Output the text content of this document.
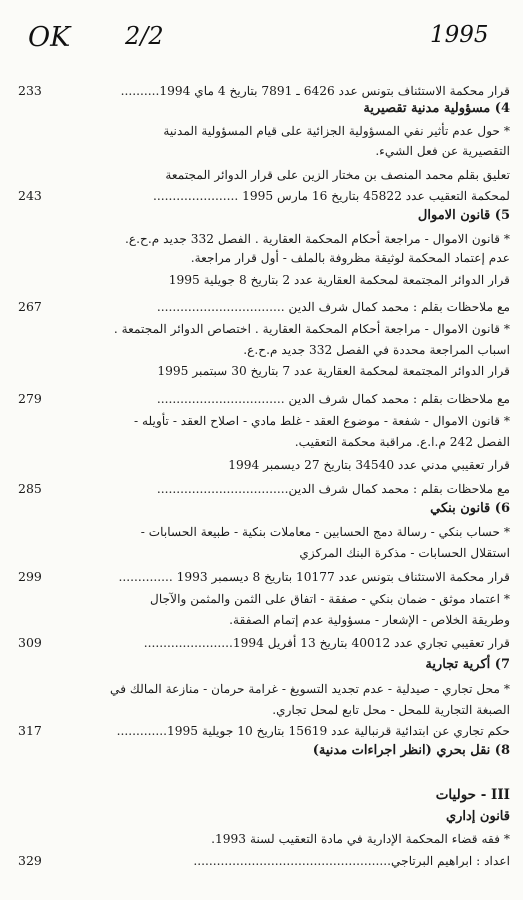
OK 2/2	1995
قرار محكمة الاستئناف بتونس عدد 6426 ـ 7891 بتاريخ 4 ماي 1994..........
233
4) مسؤولية مدنية تقصيرية
* حول عدم تأثير نفي المسؤولية الجزائية على قيام المسؤولية المدنية
التقصيرية عن فعل الشيء.
تعليق بقلم محمد المنصف بن مختار الزين على قرار الدوائر المجتمعة
لمحكمة التعقيب عدد 45822 بتاريخ 16 مارس 1995 ......................
243
5) قانون الاموال
* قانون الاموال - مراجعة أحكام المحكمة العقارية . الفصل 332 جديد م.ح.ع.
عدم إعتماد المحكمة لوثيقة مظروفة بالملف - أول قرار مراجعة.
قرار الدوائر المجتمعة لمحكمة العقارية عدد 2 بتاريخ 8 جويلية 1995
مع ملاحظات بقلم : محمد كمال شرف الدين .................................
267
* قانون الاموال - مراجعة أحكام المحكمة العقارية . اختصاص الدوائر المجتمعة .
اسباب المراجعة محددة في الفصل 332 جديد م.ح.ع.
قرار الدوائر المجتمعة لمحكمة العقارية عدد 7 بتاريخ 30 سبتمبر 1995
مع ملاحظات بقلم : محمد كمال شرف الدين .................................
279
* قانون الاموال - شفعة - موضوع العقد - غلط مادي - اصلاح العقد - تأويله -
الفصل 242 م.ا.ع. مراقبة محكمة التعقيب.
قرار تعقيبي مدني عدد 34540 بتاريخ 27 ديسمبر 1994
مع ملاحظات بقلم : محمد كمال شرف الدين..................................
285
6) قانون بنكي
* حساب بنكي - رسالة دمج الحسابين - معاملات بنكية - طبيعة الحسابات -
استقلال الحسابات - مذكرة البنك المركزي
قرار محكمة الاستئناف بتونس عدد 10177 بتاريخ 8 ديسمبر 1993 ..............
299
* اعتماد موثق - ضمان بنكي - صفقة - اتفاق على الثمن والمثمن والآجال
وطريقة الخلاص - الإشعار - مسؤولية عدم إتمام الصفقة.
قرار تعقيبي تجاري عدد 40012 بتاريخ 13 أفريل 1994.......................
309
7) أكرية تجارية
* محل تجاري - صيدلية - عدم تجديد التسويغ - غرامة حرمان - منازعة المالك في
الصبغة التجارية للمحل - محل تابع لمحل تجاري.
حكم تجاري عن ابتدائية قرنبالية عدد 15619 بتاريخ 10 جويلية 1995.............
317
8) نقل بحري (انظر اجراءات مدنية)
III - حوليات
قانون إداري
* فقه قضاء المحكمة الإدارية في مادة التعقيب لسنة 1993.
اعداد : ابراهيم البرتاجي...................................................
329
